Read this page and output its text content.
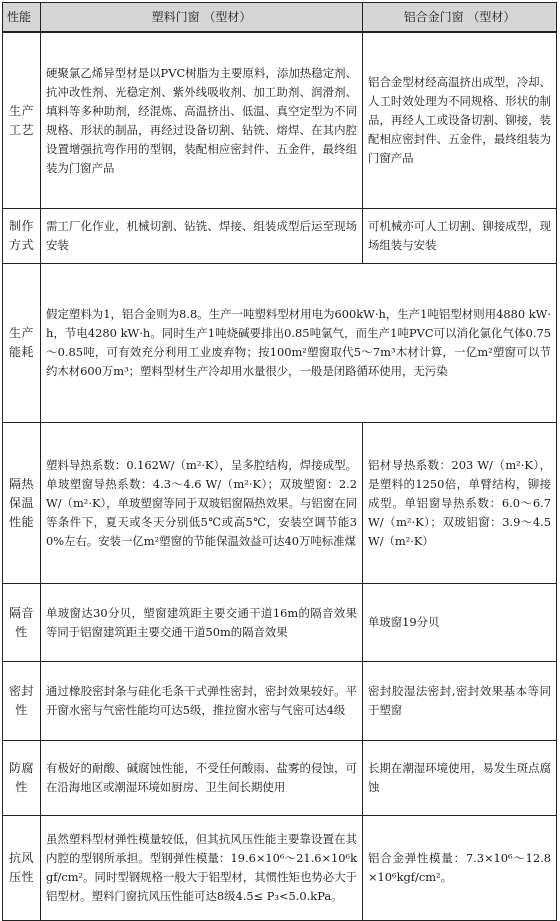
性能	塑料门窗 （型材）	铝合金门窗 （型材）
生产工艺	硬聚氯乙烯异型材是以PVC树脂为主要原料，添加热稳定剂、抗冲改性剂、光稳定剂、紫外线吸收剂、加工助剂、润滑剂、填料等多种助剂，经混炼、高温挤出、低温、真空定型为不同规格、形状的制品，再经过设备切割、钻铣、熔焊、在其内腔设置增强抗弯作用的型钢，装配相应密封件、五金件，最终组装为门窗产品	铝合金型材经高温挤出成型，冷却、人工时效处理为不同规格、形状的制品，再经人工或设备切割、铆接，装配相应密封件、五金件，最终组装为门窗产品
制作方式	需工厂化作业，机械切割、钻铣、焊接、组装成型后运至现场安装	可机械亦可人工切割、铆接成型，现场组装与安装
生产能耗	假定塑料为1，铝合金则为8.8。生产一吨塑料型材用电为600kW·h，生产1吨铝型材则用4880 kW·h，节电4280 kW·h。同时生产1吨烧碱要排出0.85吨氯气，而生产1吨PVC可以消化氯化气体0.75～0.85吨，可有效充分利用工业废弃物；按100m²塑窗取代5～7m³木材计算，一亿m²塑窗可以节约木材600万m³；塑料型材生产冷却用水量很少，一般是闭路循环使用，无污染	
隔热保温性能	塑料导热系数：0.162W/（m²·K），呈多腔结构，焊接成型。单玻塑窗导热系数：4.3～4.6 W/（m²·K）；双玻塑窗：2.2W/（m²·K），单玻塑窗等同于双玻铝窗隔热效果。与铝窗在同等条件下，夏天或冬天分别低5℃或高5℃，安装空调节能30%左右。安装一亿m²塑窗的节能保温效益可达40万吨标准煤	铝材导热系数：203 W/（m²·K），是塑料的1250倍，单臂结构，铆接成型。单铝窗导热系数：6.0～6.7 W/（m²·K）；双玻铝窗：3.9～4.5 W/（m²·K）
隔音性	单玻窗达30分贝，塑窗建筑距主要交通干道16m的隔音效果等同于铝窗建筑距主要交通干道50m的隔音效果	单玻窗19分贝
密封性	通过橡胶密封条与硅化毛条干式弹性密封，密封效果较好。平开窗水密与气密性能均可达5级，推拉窗水密与气密可达4级	密封胶湿法密封,密封效果基本等同于塑窗
防腐性	有极好的耐酸、碱腐蚀性能，不受任何酸雨、盐雾的侵蚀，可在沿海地区或潮湿环境如厨房、卫生间长期使用	长期在潮湿环境使用，易发生斑点腐蚀
抗风压性	虽然塑料型材弹性模量较低，但其抗风压性能主要靠设置在其内腔的型钢所承担。型钢弹性模量：19.6×10⁶～21.6×10⁶kgf/cm²。同时型钢规格一般大于铝型材，其惯性矩也势必大于铝型材。塑料门窗抗风压性能可达8级4.5≤ P₃<5.0.kPa。	铝合金弹性模量：7.3×10⁶～12.8×10⁶kgf/cm²。
